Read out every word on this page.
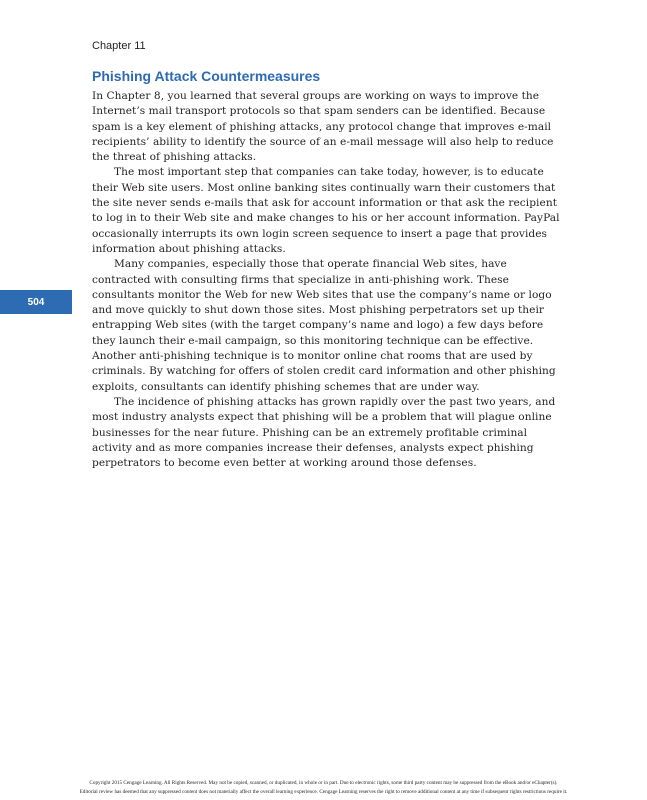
Chapter 11
Phishing Attack Countermeasures

In Chapter 8, you learned that several groups are working on ways to improve the Internet’s mail transport protocols so that spam senders can be identified. Because spam is a key element of phishing attacks, any protocol change that improves e-mail recipients’ ability to identify the source of an e-mail message will also help to reduce the threat of phishing attacks.

The most important step that companies can take today, however, is to educate their Web site users. Most online banking sites continually warn their customers that the site never sends e-mails that ask for account information or that ask the recipient to log in to their Web site and make changes to his or her account information. PayPal occasionally interrupts its own login screen sequence to insert a page that provides information about phishing attacks.

Many companies, especially those that operate financial Web sites, have contracted with consulting firms that specialize in anti-phishing work. These consultants monitor the Web for new Web sites that use the company’s name or logo and move quickly to shut down those sites. Most phishing perpetrators set up their entrapping Web sites (with the target company’s name and logo) a few days before they launch their e-mail campaign, so this monitoring technique can be effective. Another anti-phishing technique is to monitor online chat rooms that are used by criminals. By watching for offers of stolen credit card information and other phishing exploits, consultants can identify phishing schemes that are under way.

The incidence of phishing attacks has grown rapidly over the past two years, and most industry analysts expect that phishing will be a problem that will plague online businesses for the near future. Phishing can be an extremely profitable criminal activity and as more companies increase their defenses, analysts expect phishing perpetrators to become even better at working around those defenses.

504
Copyright 2015 Cengage Learning. All Rights Reserved. May not be copied, scanned, or duplicated, in whole or in part. Due to electronic rights, some third party content may be suppressed from the eBook and/or eChapter(s).
Editorial review has deemed that any suppressed content does not materially affect the overall learning experience. Cengage Learning reserves the right to remove additional content at any time if subsequent rights restrictions require it.
